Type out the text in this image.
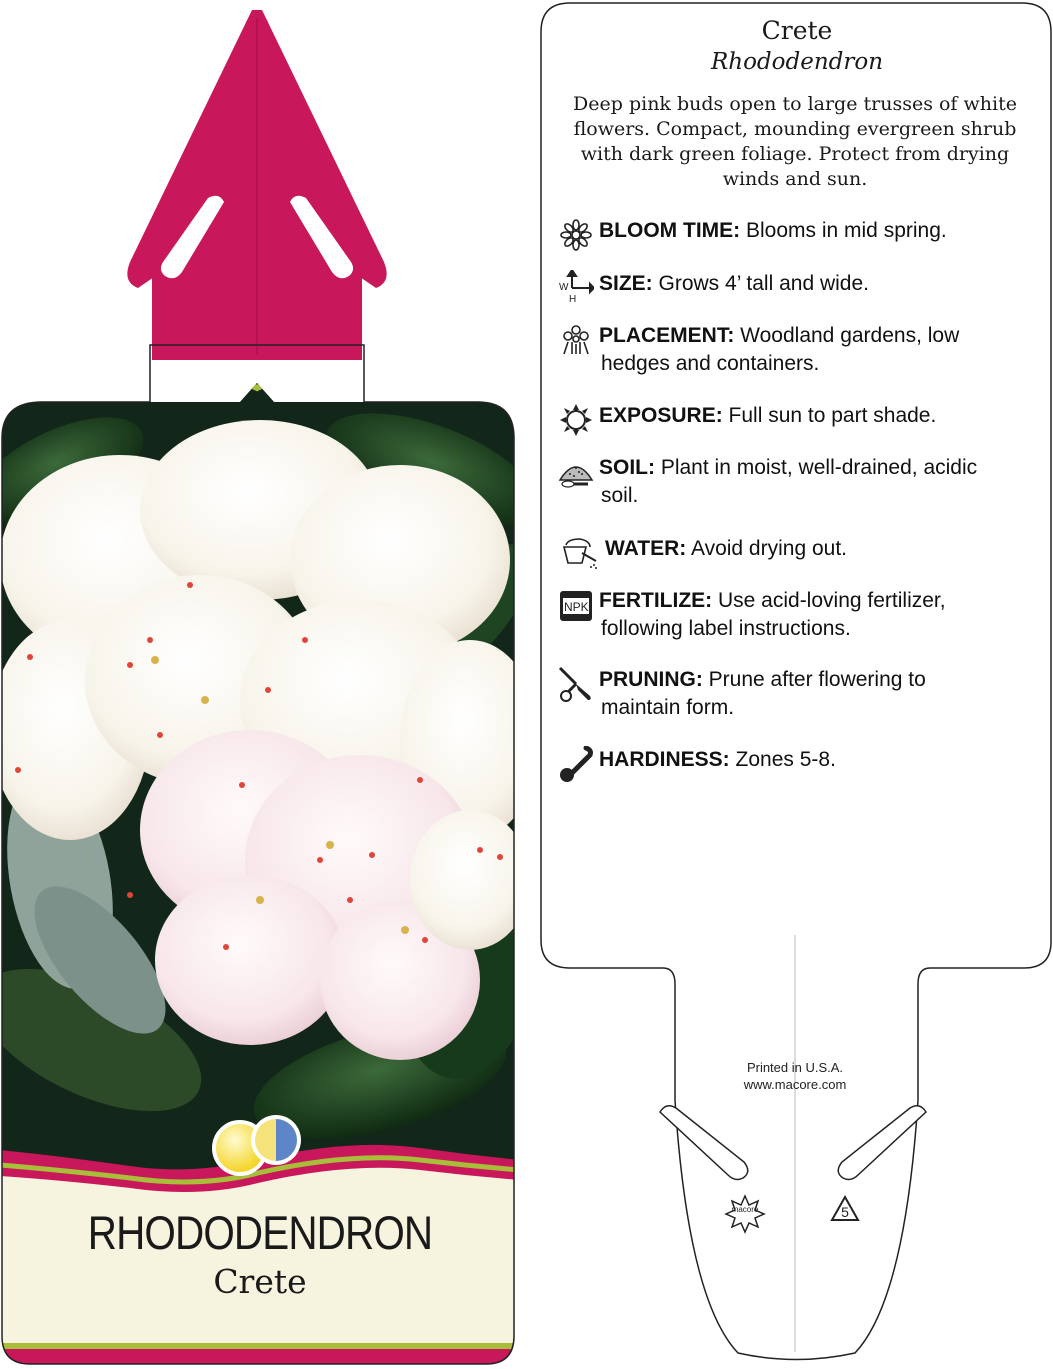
RHODODENDRON
Crete
Crete
Rhododendron
Deep pink buds open to large trusses of white flowers. Compact, mounding evergreen shrub with dark green foliage. Protect from drying winds and sun.
BLOOM TIME: Blooms in mid spring.
W
H
SIZE: Grows 4’ tall and wide.
PLACEMENT: Woodland gardens, low
hedges and containers.
EXPOSURE: Full sun to part shade.
SOIL: Plant in moist, well-drained, acidic
soil.
WATER: Avoid drying out.
NPK FERTILIZE: Use acid-loving fertilizer,
following label instructions.
PRUNING: Prune after flowering to
maintain form.
HARDINESS: Zones 5-8.
Printed in U.S.A.
www.macore.com
macore	5
